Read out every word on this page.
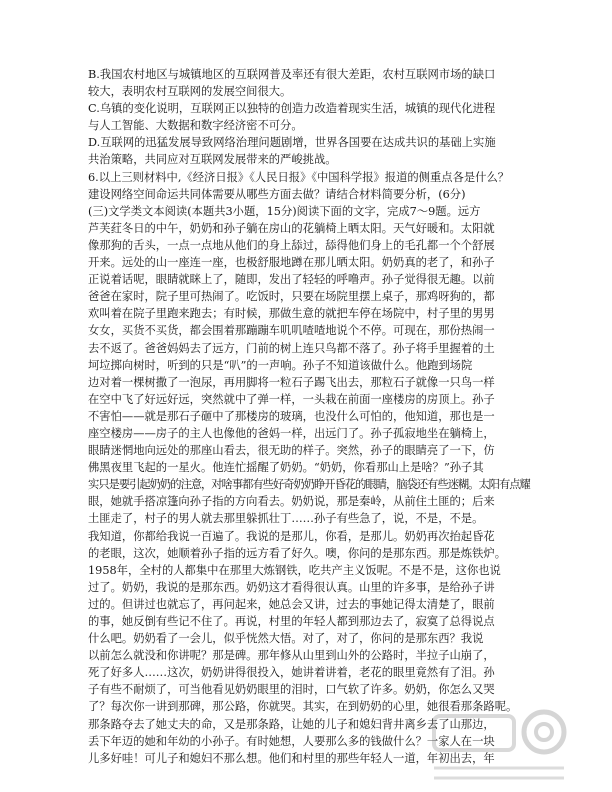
B.我国农村地区与城镇地区的互联网普及率还有很大差距，农村互联网市场的缺口
较大，表明农村互联网的发展空间很大。
C.乌镇的变化说明，互联网正以独特的创造力改造着现实生活，城镇的现代化进程
与人工智能、大数据和数字经济密不可分。
D.互联网的迅猛发展导致网络治理问题剧增，世界各国要在达成共识的基础上实施
共治策略，共同应对互联网发展带来的严峻挑战。
6.以上三则材料中,《经济日报》《人民日报》《中国科学报》报道的侧重点各是什么？
建设网络空间命运共同体需要从哪些方面去做？请结合材料简要分析，(6分)
(三)文学类文本阅读(本题共3小题，15分)阅读下面的文字，完成7～9题。远方
芦芙荭冬日的中午，奶奶和孙子躺在房山的花躺椅上晒太阳。天气好暖和。太阳就
像那狗的舌头，一点一点地从他们的身上舔过，舔得他们身上的毛孔都一个个舒展
开来。远处的山一座连一座，也极舒服地蹲在那儿晒太阳。奶奶真的老了，和孙子
正说着话呢，眼睛就眯上了，随即，发出了轻轻的呼噜声。孙子觉得很无趣。以前
爸爸在家时，院子里可热闹了。吃饭时，只要在场院里摆上桌子，那鸡呀狗的，都
欢叫着在院子里跑来跑去；有时候，那做生意的就把车停在场院中，村子里的男男
女女，买货不买货，都会围着那蹦蹦车叽叽喳喳地说个不停。可现在，那份热闹一
去不返了。爸爸妈妈去了远方，门前的树上连只鸟都不落了。孙子将手里握着的土
坷垃掷向树时，听到的只是“叭”的一声响。孙子不知道该做什么。他跑到场院
边对着一棵树撒了一泡尿，再用脚将一粒石子踢飞出去，那粒石子就像一只鸟一样
在空中飞了好远好远，突然就中了弹一样，一头栽在前面一座楼房的房顶上。孙子
不害怕——就是那石子砸中了那楼房的玻璃，也没什么可怕的，他知道，那也是一
座空楼房——房子的主人也像他的爸妈一样，出远门了。孙子孤寂地坐在躺椅上，
眼睛迷惘地向远处的那座山看去，很无助的样子。突然，孙子的眼睛亮了一下，仿
佛黑夜里飞起的一星火。他连忙摇醒了奶奶。“奶奶，你看那山上是啥？”孙子其
实只是要引起奶奶的注意，对啥事都有些好奇奶奶睁开昏花的眼睛，脑袋还有些迷糊。太阳有点耀
眼，她就手搭凉篷向孙子指的方向看去。奶奶说，那是秦岭，从前住土匪的；后来
土匪走了，村子的男人就去那里躲抓壮丁……孙子有些急了，说，不是，不是。
我知道，你都给我说一百遍了。我说的是那儿，你看，是那儿。奶奶再次抬起昏花
的老眼，这次，她顺着孙子指的远方看了好久。噢，你问的是那东西。那是炼铁炉。
1958年，全村的人都集中在那里大炼钢铁，吃共产主义饭呢。不是不是，这你也说
过了。奶奶，我说的是那东西。奶奶这才看得很认真。山里的许多事，是给孙子讲
过的。但讲过也就忘了，再问起来，她总会又讲，过去的事她记得太清楚了，眼前
的事，她反倒有些记不住了。再说，村里的年轻人都到那边去了，寂寞了总得说点
什么吧。奶奶看了一会儿，似乎恍然大悟。对了，对了，你问的是那东西？我说
以前怎么就没和你讲呢？那是碑。那年修从山里到山外的公路时，半拉子山崩了，
死了好多人……这次，奶奶讲得很投入，她讲着讲着，老花的眼里竟然有了泪。孙
子有些不耐烦了，可当他看见奶奶眼里的泪时，口气软了许多。奶奶，你怎么又哭
了？每次你一讲到那碑，那公路，你就哭。其实，在到奶奶的心里，她很看那条路呢。
那条路夺去了她丈夫的命，又是那条路，让她的儿子和媳妇背井离乡去了山那边，
丢下年迈的她和年幼的小孙子。有时她想，人要那么多的钱做什么？一家人在一块
儿多好哇！可儿子和媳妇不那么想。他们和村里的那些年轻人一道，年初出去，年
